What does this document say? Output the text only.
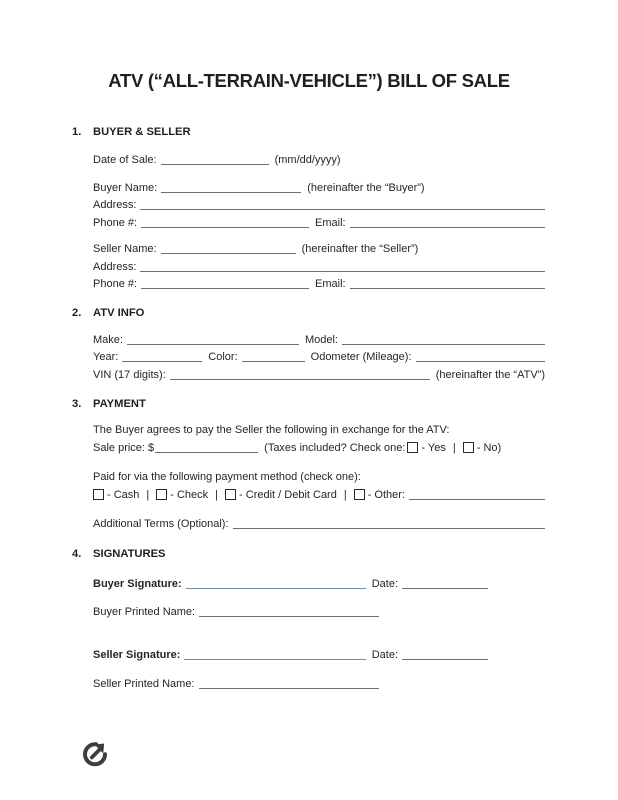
ATV (“ALL-TERRAIN-VEHICLE”) BILL OF SALE
1.	BUYER & SELLER
Date of Sale:	(mm/dd/yyyy)
Buyer Name:	(hereinafter the “Buyer”)
Address:
Phone #:	Email:
Seller Name:	(hereinafter the “Seller”)
Address:
Phone #:	Email:
2.	ATV INFO
Make:	Model:
Year:	Color:	Odometer (Mileage):
VIN (17 digits):	(hereinafter the “ATV”)
3.	PAYMENT
The Buyer agrees to pay the Seller the following in exchange for the ATV:
Sale price: $	(Taxes included? Check one: - Yes | - No)
Paid for via the following payment method (check one):
- Cash | - Check | - Credit / Debit Card | - Other:
Additional Terms (Optional):
4.	SIGNATURES
Buyer Signature:	Date:
Buyer Printed Name:
Seller Signature:	Date:
Seller Printed Name:
